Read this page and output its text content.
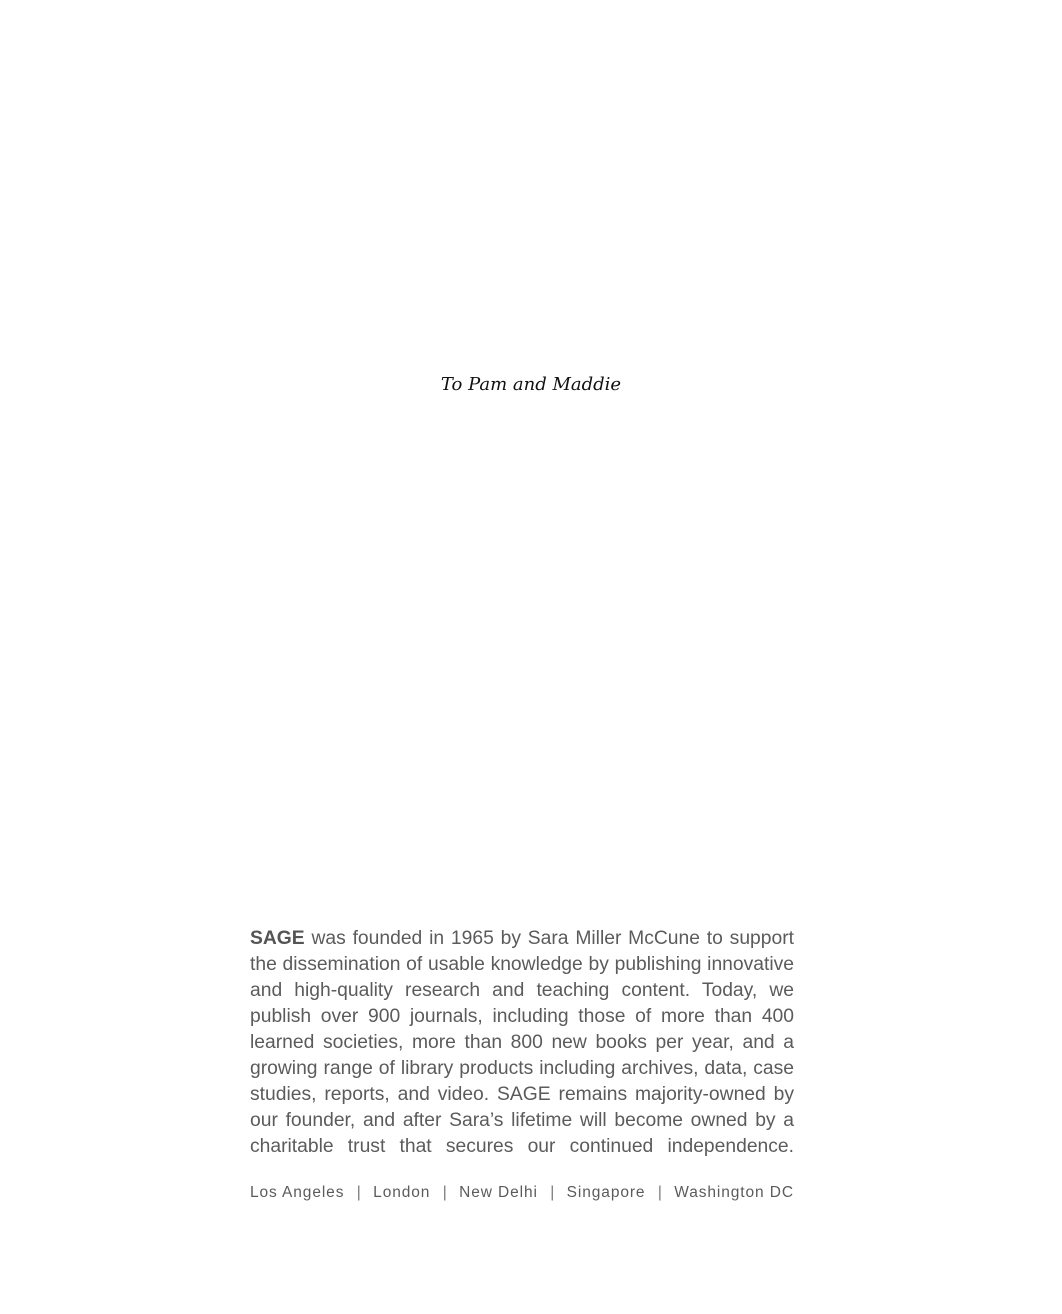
To Pam and Maddie

SAGE was founded in 1965 by Sara Miller McCune to support the dissemination of usable knowledge by publishing innovative and high-quality research and teaching content. Today, we publish over 900 journals, including those of more than 400 learned societies, more than 800 new books per year, and a growing range of library products including archives, data, case studies, reports, and video. SAGE remains majority-owned by our founder, and after Sara’s lifetime will become owned by a charitable trust that secures our continued independence.

Los Angeles | London | New Delhi | Singapore | Washington DC
